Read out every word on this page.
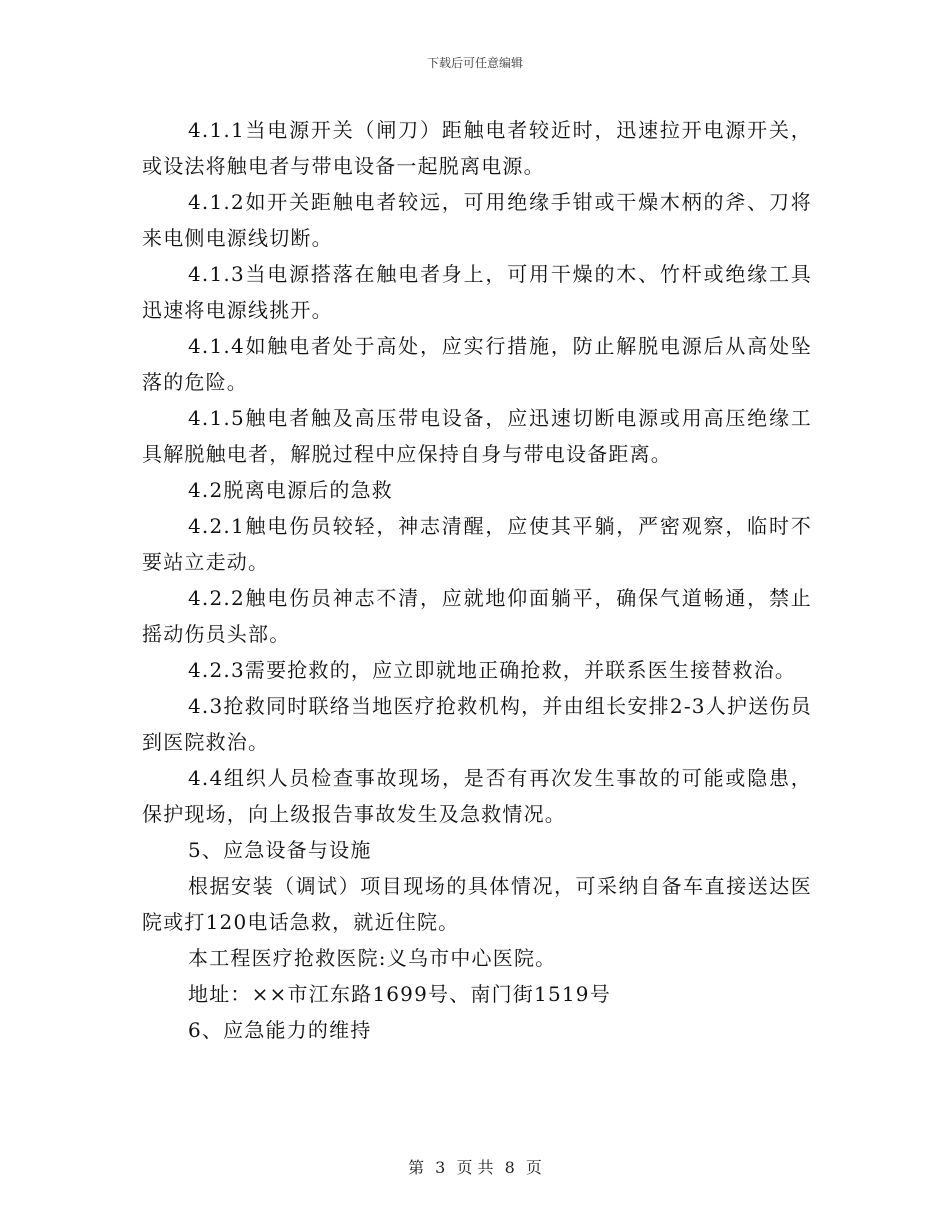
下载后可任意编辑

4.1.1当电源开关（闸刀）距触电者较近时，迅速拉开电源开关，或设法将触电者与带电设备一起脱离电源。

4.1.2如开关距触电者较远，可用绝缘手钳或干燥木柄的斧、刀将来电侧电源线切断。

4.1.3当电源搭落在触电者身上，可用干燥的木、竹杆或绝缘工具迅速将电源线挑开。

4.1.4如触电者处于高处，应实行措施，防止解脱电源后从高处坠落的危险。

4.1.5触电者触及高压带电设备，应迅速切断电源或用高压绝缘工具解脱触电者，解脱过程中应保持自身与带电设备距离。

4.2脱离电源后的急救

4.2.1触电伤员较轻，神志清醒，应使其平躺，严密观察，临时不要站立走动。

4.2.2触电伤员神志不清，应就地仰面躺平，确保气道畅通，禁止摇动伤员头部。

4.2.3需要抢救的，应立即就地正确抢救，并联系医生接替救治。

4.3抢救同时联络当地医疗抢救机构，并由组长安排2-3人护送伤员到医院救治。

4.4组织人员检查事故现场，是否有再次发生事故的可能或隐患，保护现场，向上级报告事故发生及急救情况。

5、应急设备与设施

根据安装（调试）项目现场的具体情况，可采纳自备车直接送达医院或打120电话急救，就近住院。

本工程医疗抢救医院:义乌市中心医院。

地址：××市江东路1699号、南门街1519号

6、应急能力的维持

第 3 页 共 8 页
